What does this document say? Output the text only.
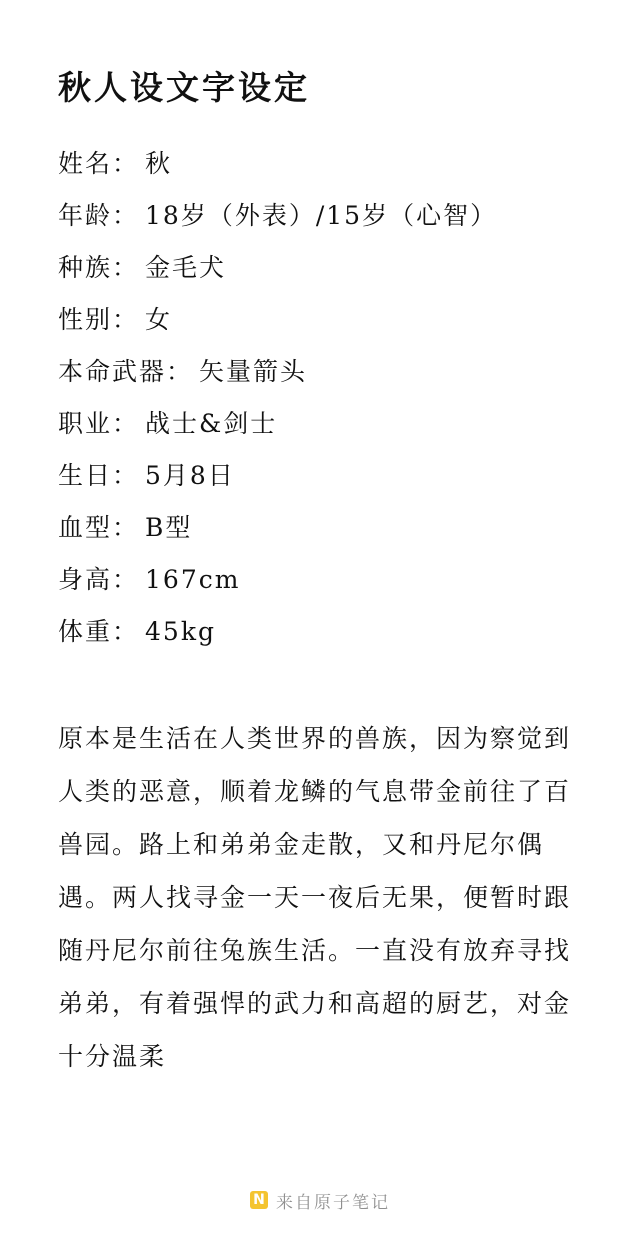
秋人设文字设定
姓名： 秋
年龄： 18岁（外表）/15岁（心智）
种族： 金毛犬
性别： 女
本命武器： 矢量箭头
职业： 战士&剑士
生日： 5月8日
血型： B型
身高： 167cm
体重： 45kg

原本是生活在人类世界的兽族，因为察觉到人类的恶意，顺着龙鳞的气息带金前往了百兽园。路上和弟弟金走散，又和丹尼尔偶遇。两人找寻金一天一夜后无果，便暂时跟随丹尼尔前往兔族生活。一直没有放弃寻找弟弟，有着强悍的武力和高超的厨艺，对金十分温柔

N 来自原子笔记
